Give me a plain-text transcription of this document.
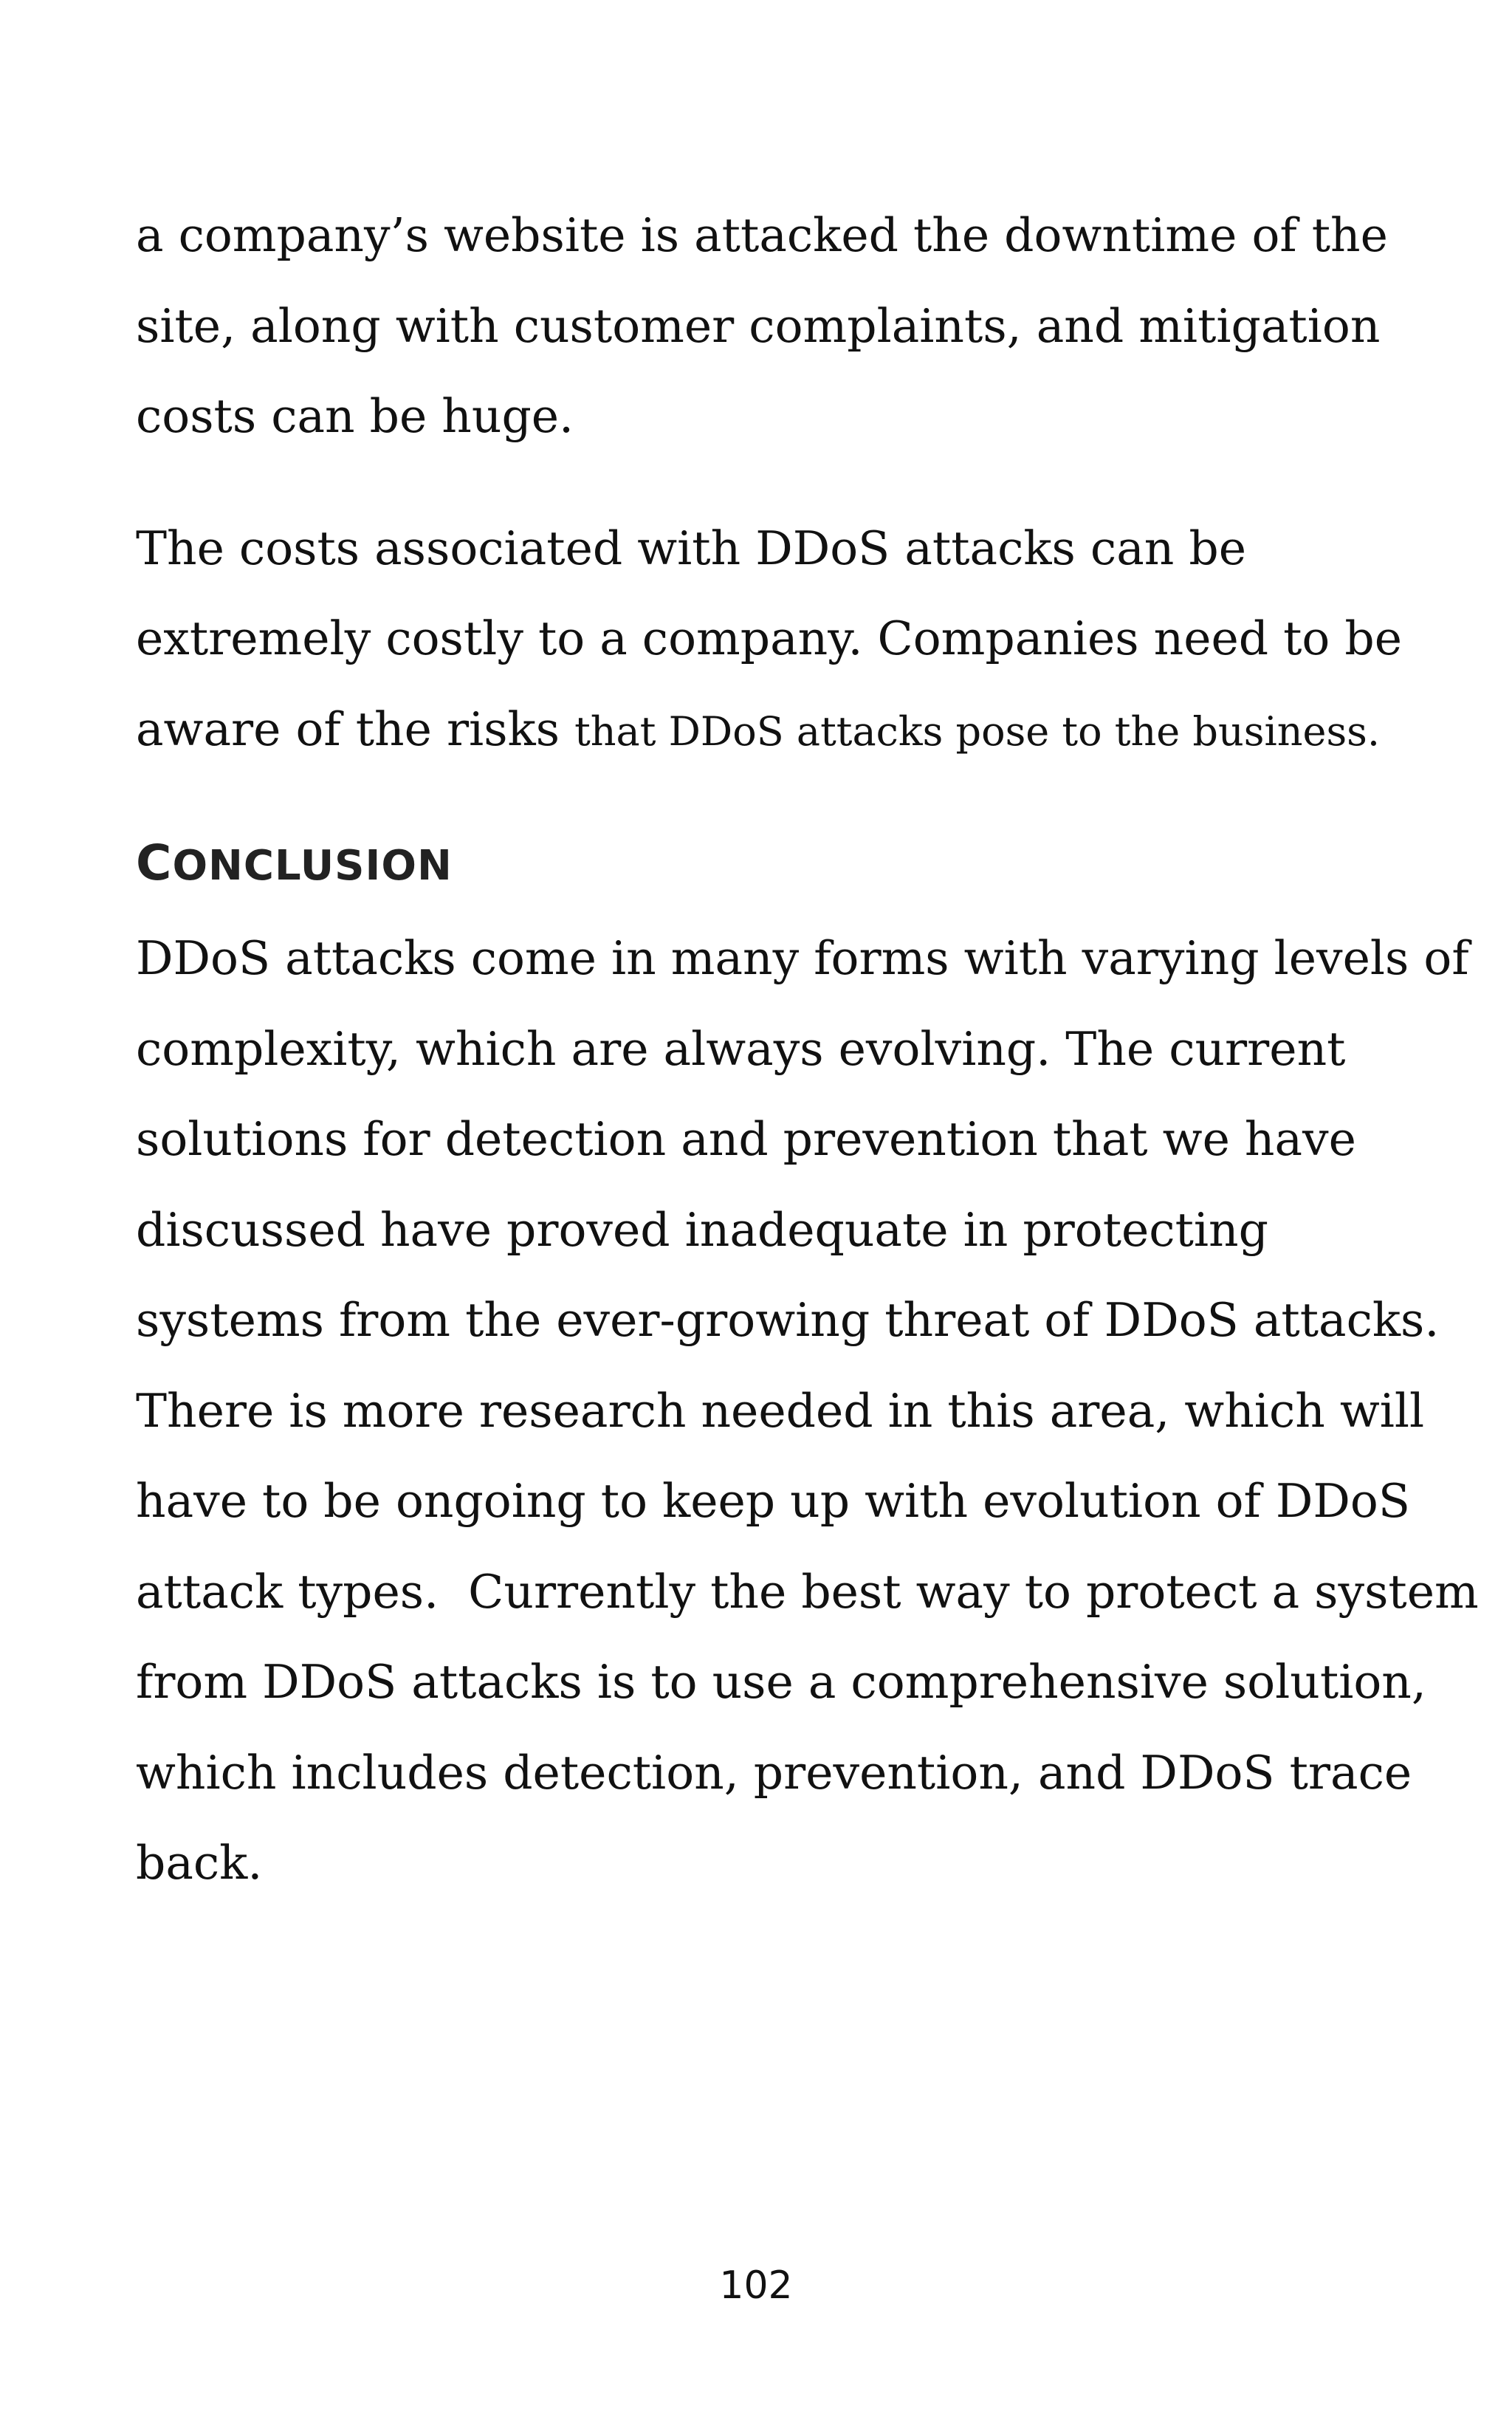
a company’s website is attacked the downtime of the
site, along with customer complaints, and mitigation
costs can be huge.

The costs associated with DDoS attacks can be
extremely costly to a company. Companies need to be
aware of the risks that DDoS attacks pose to the business.

CONCLUSION

DDoS attacks come in many forms with varying levels of
complexity, which are always evolving. The current
solutions for detection and prevention that we have
discussed have proved inadequate in protecting
systems from the ever-growing threat of DDoS attacks.
There is more research needed in this area, which will
have to be ongoing to keep up with evolution of DDoS
attack types.  Currently the best way to protect a system
from DDoS attacks is to use a comprehensive solution,
which includes detection, prevention, and DDoS trace
back.

102
